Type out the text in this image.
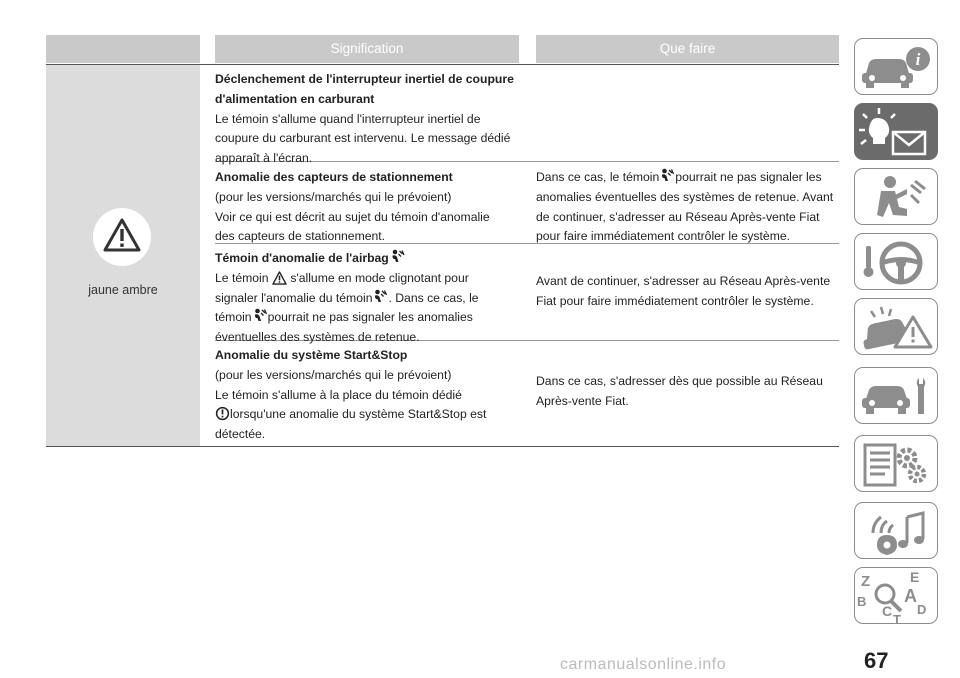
Signification	Que faire
jaune ambre
Déclenchement de l'interrupteur inertiel de coupure d'alimentation en carburant
Le témoin s'allume quand l'interrupteur inertiel de
coupure du carburant est intervenu. Le message dédié
apparaît à l'écran.
Anomalie des capteurs de stationnement
(pour les versions/marchés qui le prévoient)
Voir ce qui est décrit au sujet du témoin d'anomalie
des capteurs de stationnement.
Dans ce cas, le témoin pourrait ne pas signaler les
anomalies éventuelles des systèmes de retenue. Avant
de continuer, s'adresser au Réseau Après-vente Fiat
pour faire immédiatement contrôler le système.
Témoin d'anomalie de l'airbag
Le témoin s'allume en mode clignotant pour
signaler l'anomalie du témoin . Dans ce cas, le
témoin pourrait ne pas signaler les anomalies
éventuelles des systèmes de retenue.
Avant de continuer, s'adresser au Réseau Après-vente
Fiat pour faire immédiatement contrôler le système.
Anomalie du système Start&Stop
(pour les versions/marchés qui le prévoient)
Le témoin s'allume à la place du témoin dédié
lorsqu'une anomalie du système Start&Stop est
détectée.
Dans ce cas, s'adresser dès que possible au Réseau
Après-vente Fiat.
i
Z	E
B A
C D
T
67
carmanualsonline.info
